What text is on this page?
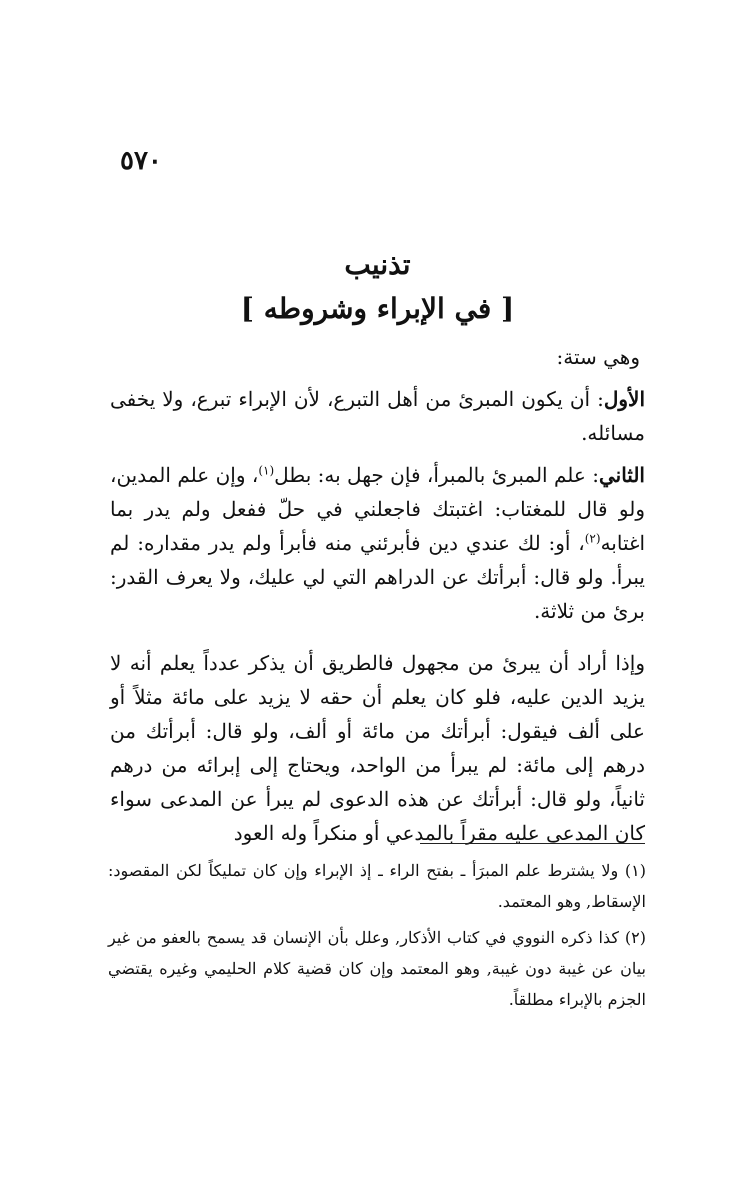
٥٧٠
تذنيب
[ في الإبراء وشروطه ]
وهي ستة:
الأول: أن يكون المبرئ من أهل التبرع، لأن الإبراء تبرع، ولا يخفى مسائله.
الثاني: علم المبرئ بالمبرأ، فإن جهل به: بطل$^{(١)}$، وإن علم المدين، ولو قال للمغتاب: اغتبتك فاجعلني في حلّ ففعل ولم يدر بما اغتابه$^{(٢)}$، أو: لك عندي دين فأبرئني منه فأبرأ ولم يدر مقداره: لم يبرأ. ولو قال: أبرأتك عن الدراهم التي لي عليك، ولا يعرف القدر: برئ من ثلاثة.
وإذا أراد أن يبرئ من مجهول فالطريق أن يذكر عدداً يعلم أنه لا يزيد الدين عليه، فلو كان يعلم أن حقه لا يزيد على مائة مثلاً أو على ألف فيقول: أبرأتك من مائة أو ألف، ولو قال: أبرأتك من درهم إلى مائة: لم يبرأ من الواحد، ويحتاج إلى إبرائه من درهم ثانياً، ولو قال: أبرأتك عن هذه الدعوى لم يبرأ عن المدعى سواء كان المدعى عليه مقراً بالمدعي أو منكراً وله العود
(١) ولا يشترط علم المبرَأ ـ بفتح الراء ـ إذ الإبراء وإن كان تمليكاً لكن المقصود: الإسقاط, وهو المعتمد.
(٢) كذا ذكره النووي في كتاب الأذكار, وعلل بأن الإنسان قد يسمح بالعفو من غير بيان عن غيبة دون غيبة, وهو المعتمد وإن كان قضية كلام الحليمي وغيره يقتضي الجزم بالإبراء مطلقاً.
